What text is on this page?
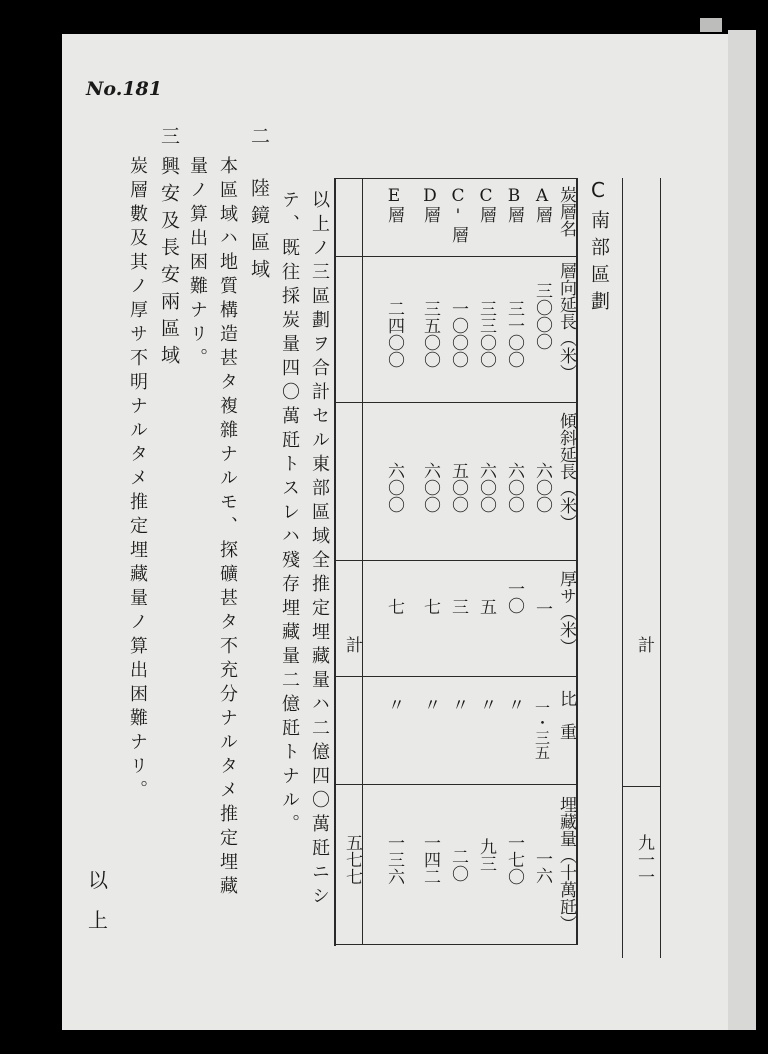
No.181
C
南部區劃
炭層名
層向延長（米）
傾斜延長（米）
厚サ（米）
比重
埋藏量（十萬瓩）
A層
三〇〇〇
六〇〇
一
一・三五
一六
B層
三一〇〇
六〇〇
一〇
〃
一七〇
C層
三三〇〇
六〇〇
五
〃
九三
C'層
一〇〇〇
五〇〇
三
〃
二〇
D層
三五〇〇
六〇〇
七
〃
一四二
E層
二四〇〇
六〇〇
七
〃
一三六
計
五七七
計
九一一
以上ノ三區劃ヲ合計セル東部區域全推定埋藏量ハ二億四〇萬瓩ニシ
テ、既往採炭量四〇萬瓩トスレハ殘存埋藏量二億瓩トナル。
二
陸鏡區域
本區域ハ地質構造甚タ複雜ナルモ、探礦甚タ不充分ナルタメ推定埋藏
量ノ算出困難ナリ。
三
興安及長安兩區域
炭層數及其ノ厚サ不明ナルタメ推定埋藏量ノ算出困難ナリ。
以
上
